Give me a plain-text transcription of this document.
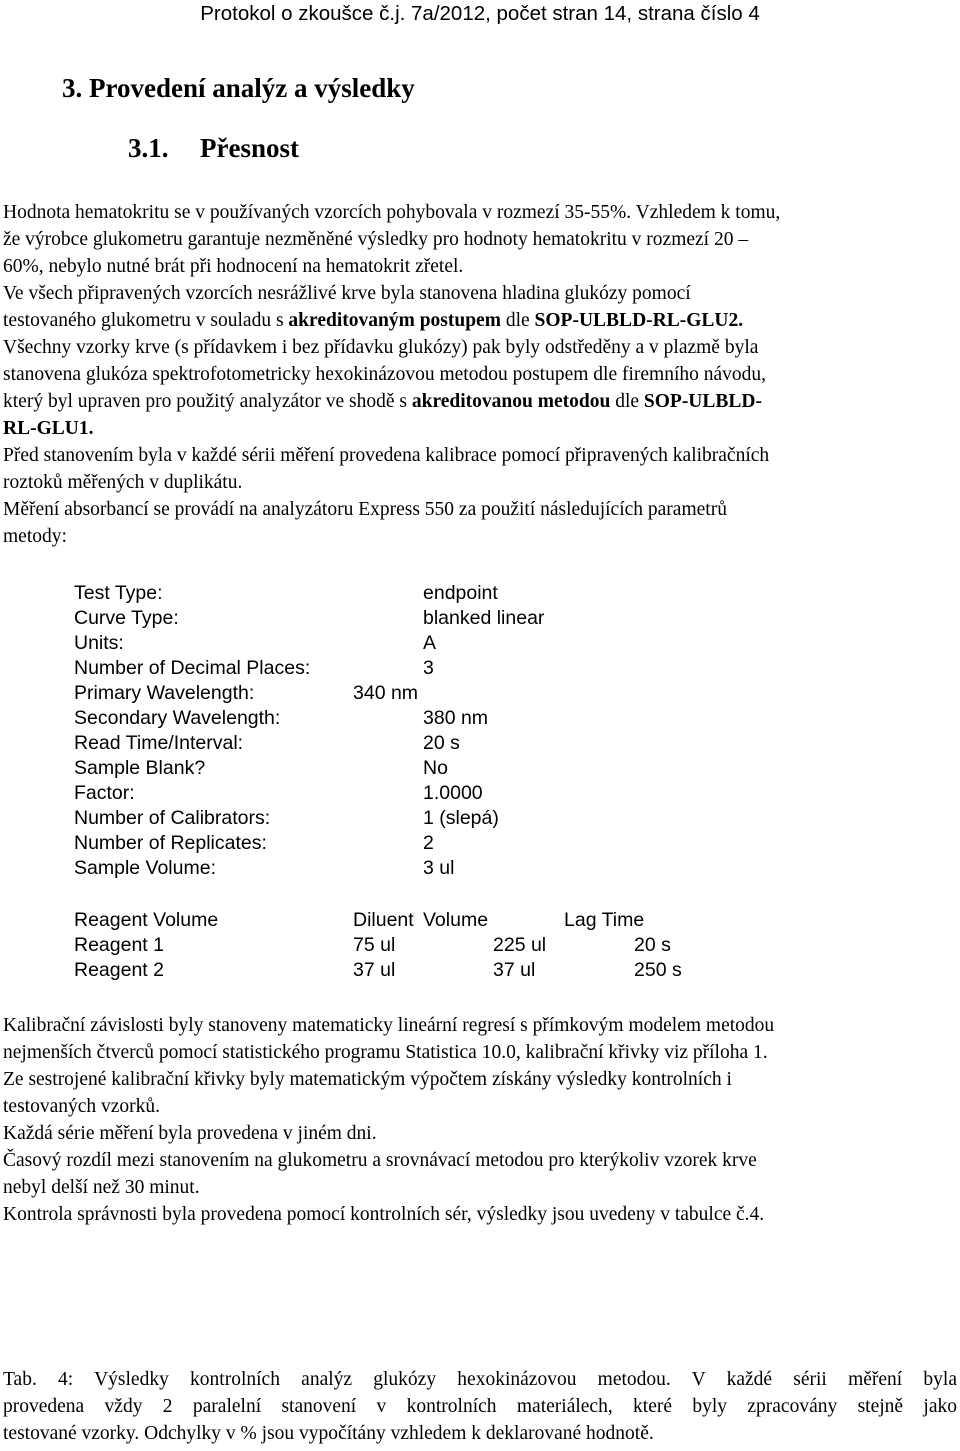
Protokol o zkoušce č.j. 7a/2012, počet stran 14, strana číslo 4
3. Provedení analýz a výsledky
3.1. Přesnost

Hodnota hematokritu se v používaných vzorcích pohybovala v rozmezí 35-55%. Vzhledem k tomu,

že výrobce glukometru garantuje nezměněné výsledky pro hodnoty hematokritu v rozmezí 20 –

60%, nebylo nutné brát při hodnocení na hematokrit zřetel.

Ve všech připravených vzorcích nesrážlivé krve byla stanovena hladina glukózy pomocí

testovaného glukometru v souladu s akreditovaným postupem dle SOP-ULBLD-RL-GLU2.

Všechny vzorky krve (s přídavkem i bez přídavku glukózy) pak byly odstředěny a v plazmě byla

stanovena glukóza spektrofotometricky hexokinázovou metodou postupem dle firemního návodu,

který byl upraven pro použitý analyzátor ve shodě s akreditovanou metodou dle SOP-ULBLD-

RL-GLU1.

Před stanovením byla v každé sérii měření provedena kalibrace pomocí připravených kalibračních

roztoků měřených v duplikátu.

Měření absorbancí se provádí na analyzátoru Express 550 za použití následujících parametrů

metody:

Test Type:	endpoint
Curve Type:	blanked linear
Units:	A
Number of Decimal Places:	3
Primary Wavelength:	340 nm
Secondary Wavelength:	380 nm
Read Time/Interval:	20 s
Sample Blank?	No
Factor:	1.0000
Number of Calibrators:	1 (slepá)
Number of Replicates:	2
Sample Volume:	3 ul
Reagent Volume	Diluent Volume	Lag Time
Reagent 1	75 ul	225 ul	20 s
Reagent 2	37 ul	37 ul	250 s

Kalibrační závislosti byly stanoveny matematicky lineární regresí s přímkovým modelem metodou

nejmenších čtverců pomocí statistického programu Statistica 10.0, kalibrační křivky viz příloha 1.

Ze sestrojené kalibrační křivky byly matematickým výpočtem získány výsledky kontrolních i

testovaných vzorků.

Každá série měření byla provedena v jiném dni.

Časový rozdíl mezi stanovením na glukometru a srovnávací metodou pro kterýkoliv vzorek krve

nebyl delší než 30 minut.

Kontrola správnosti byla provedena pomocí kontrolních sér, výsledky jsou uvedeny v tabulce č.4.

Tab. 4: Výsledky kontrolních analýz glukózy hexokinázovou metodou. V každé sérii měření byla
provedena vždy 2 paralelní stanovení v kontrolních materiálech, které byly zpracovány stejně jako
testované vzorky. Odchylky v % jsou vypočítány vzhledem k deklarované hodnotě.
